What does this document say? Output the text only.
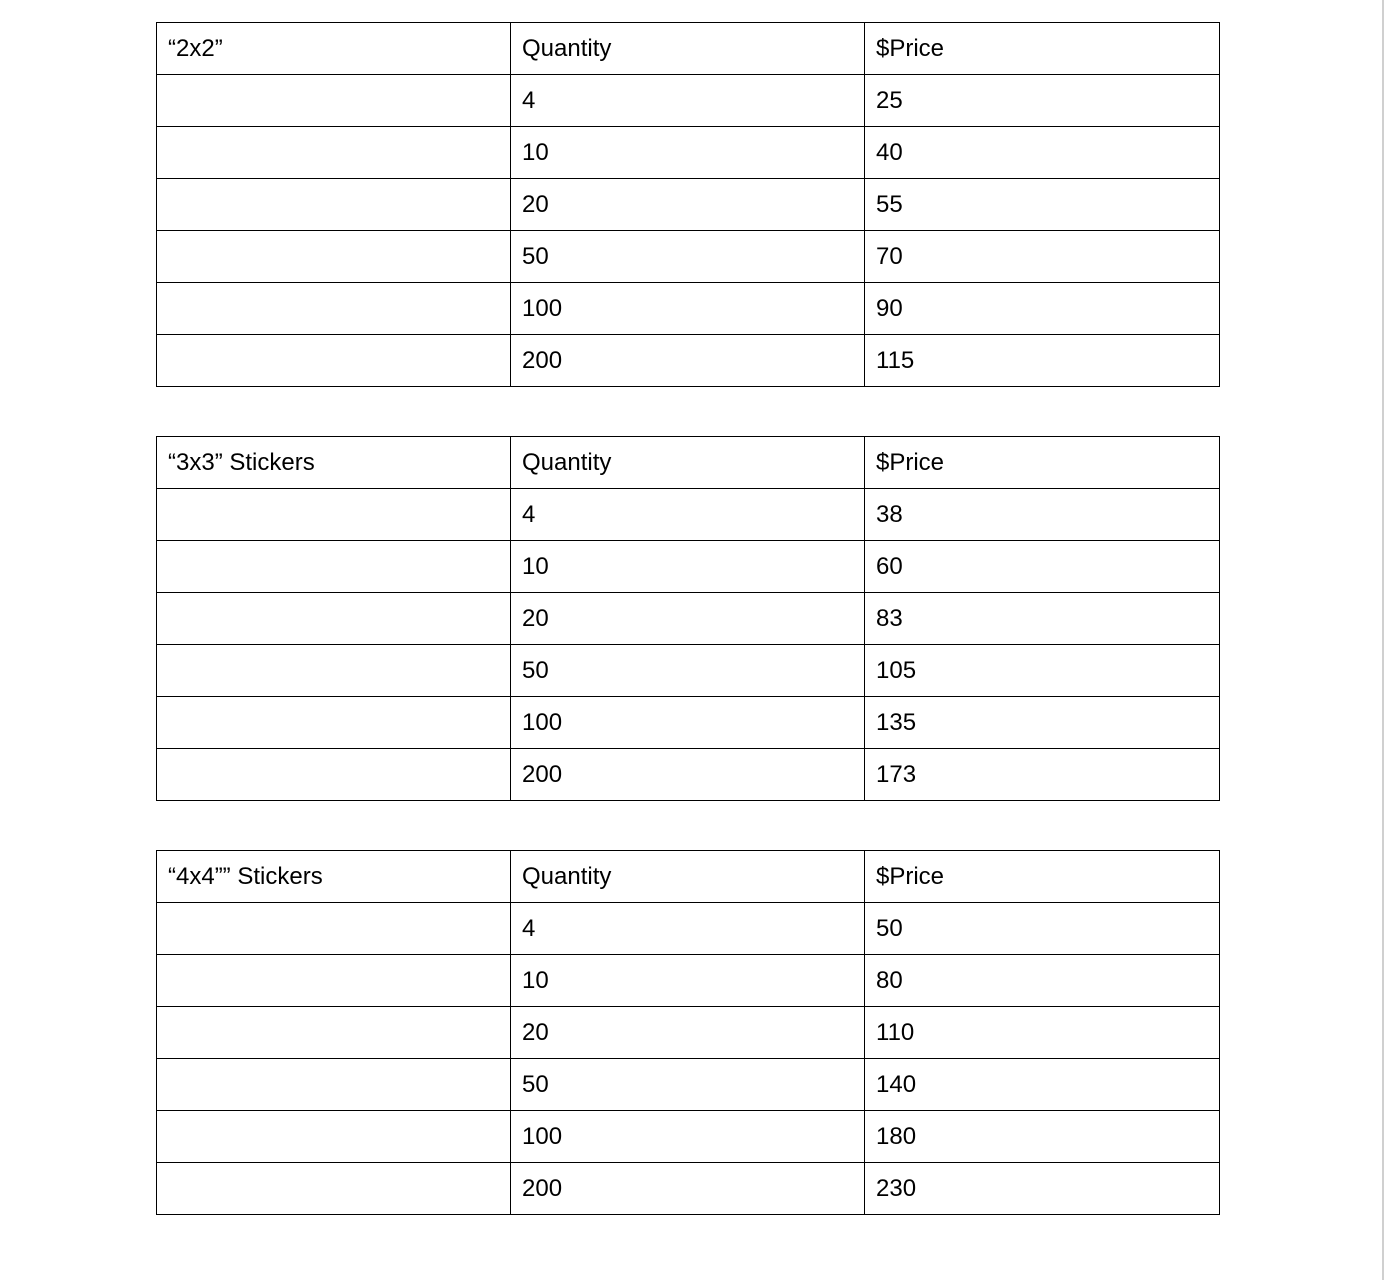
“2x2”	Quantity	$Price
	4	25
	10	40
	20	55
	50	70
	100	90
	200	115
“3x3” Stickers	Quantity	$Price
	4	38
	10	60
	20	83
	50	105
	100	135
	200	173
“4x4”” Stickers	Quantity	$Price
	4	50
	10	80
	20	110
	50	140
	100	180
	200	230
